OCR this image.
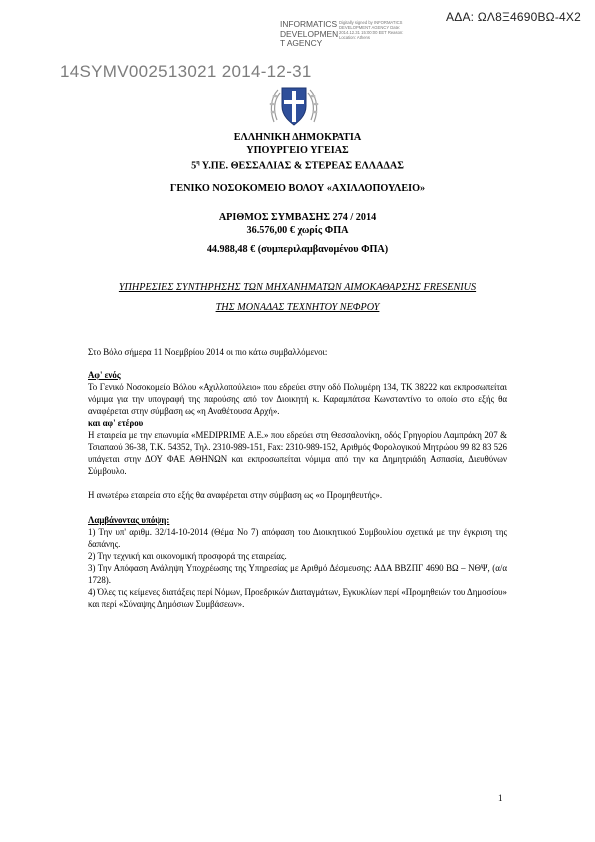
ΑΔΑ: ΩΛ8Ξ4690ΒΩ-4Χ2
INFORMATICS DEVELOPMEN T AGENCY
Digitally signed by INFORMATICS DEVELOPMENT AGENCY Date: 2014.12.31 15:00:00 EET Reason: Location: Athens
14SYMV002513021 2014-12-31
ΕΛΛΗΝΙΚΗ ΔΗΜΟΚΡΑΤΙΑ
ΥΠΟΥΡΓΕΙΟ ΥΓΕΙΑΣ
$5^\eta$ Υ.ΠΕ. ΘΕΣΣΑΛΙΑΣ & ΣΤΕΡΕΑΣ ΕΛΛΑΔΑΣ
ΓΕΝΙΚΟ ΝΟΣΟΚΟΜΕΙΟ ΒΟΛΟΥ «ΑΧΙΛΛΟΠΟΥΛΕΙΟ»
ΑΡΙΘΜΟΣ ΣΥΜΒΑΣΗΣ 274 / 2014
36.576,00 € χωρίς ΦΠΑ
44.988,48 € (συμπεριλαμβανομένου ΦΠΑ)
ΥΠΗΡΕΣΙΕΣ ΣΥΝΤΗΡΗΣΗΣ ΤΩΝ ΜΗΧΑΝΗΜΑΤΩΝ ΑΙΜΟΚΑΘΑΡΣΗΣ FRESENIUS
ΤΗΣ ΜΟΝΑΔΑΣ ΤΕΧΝΗΤΟΥ ΝΕΦΡΟΥ
Στο Βόλο σήμερα 11 Νοεμβρίου 2014 οι πιο κάτω συμβαλλόμενοι:
Αφ' ενός
Το Γενικό Νοσοκομείο Βόλου «Αχιλλοπούλειο» που εδρεύει στην οδό Πολυμέρη 134, ΤΚ 38222 και εκπροσωπείται νόμιμα για την υπογραφή της παρούσης από τον Διοικητή κ. Καραμπάτσα Κωνσταντίνο το οποίο στο εξής θα αναφέρεται στην σύμβαση ως «η Αναθέτουσα Αρχή».
και αφ' ετέρου
Η εταιρεία με την επωνυμία «MEDIPRIME Α.Ε.» που εδρεύει στη Θεσσαλονίκη, οδός Γρηγορίου Λαμπράκη 207 & Τσιαπαού 36-38, Τ.Κ. 54352, Τηλ. 2310-989-151, Fax: 2310-989-152, Αριθμός Φορολογικού Μητρώου 99 82 83 526 υπάγεται στην ΔΟΥ ΦΑΕ ΑΘΗΝΩΝ και εκπροσωπείται νόμιμα από την κα Δημητριάδη Ασπασία, Διευθύνων Σύμβουλο.
Η ανωτέρω εταιρεία στο εξής θα αναφέρεται στην σύμβαση ως «ο Προμηθευτής».
Λαμβάνοντας υπόψη:
1) Την υπ' αριθμ. 32/14-10-2014 (Θέμα Νο 7) απόφαση του Διοικητικού Συμβουλίου σχετικά με την έγκριση της δαπάνης.
2) Την τεχνική και οικονομική προσφορά της εταιρείας.
3) Την Απόφαση Ανάληψη Υποχρέωσης της Υπηρεσίας με Αριθμό Δέσμευσης: ΑΔΑ ΒΒΖΠΓ 4690 ΒΩ – ΝΘΨ, (α/α 1728).
4) Όλες τις κείμενες διατάξεις περί Νόμων, Προεδρικών Διαταγμάτων, Εγκυκλίων περί «Προμηθειών του Δημοσίου» και περί «Σύναψης Δημόσιων Συμβάσεων».
1
